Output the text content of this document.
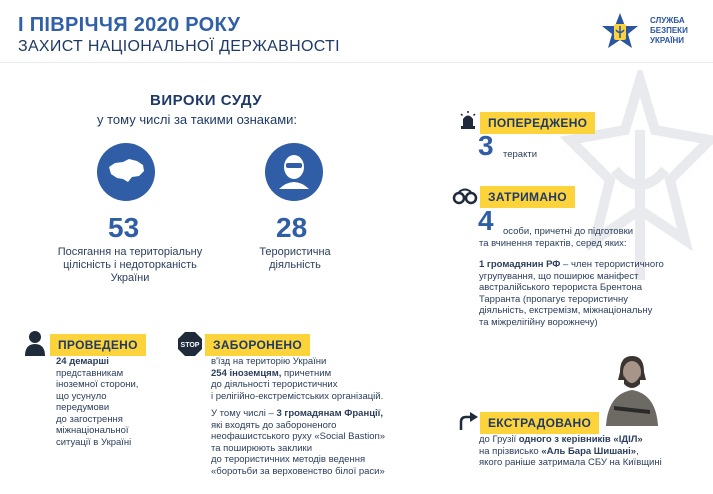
І ПІВРІЧЧЯ 2020 РОКУ
ЗАХИСТ НАЦІОНАЛЬНОЇ ДЕРЖАВНОСТІ
СЛУЖБА
БЕЗПЕКИ
УКРАЇНИ
ВИРОКИ СУДУ
у тому числі за такими ознаками:
53
Посягання на територіальну
цілісність і недоторканість
України
28
Терористична
діяльність
ПОПЕРЕДЖЕНО
3 теракти
ЗАТРИМАНО
4 особи, причетні до підготовки
та вчинення терактів, серед яких:
1 громадянин РФ – член терористичного
угрупування, що поширює маніфест
австралійського терориста Брентона
Тарранта (пропагує терористичну
діяльність, екстремізм, міжнаціональну
та міжрелігійну ворожнечу)
ПРОВЕДЕНО
24 демарші
представникам
іноземної сторони,
що усунуло
передумови
до загострення
міжнаціональної
ситуації в Україні
STOP	ЗАБОРОНЕНО
в'їзд на територію України
254 іноземцям, причетним
до діяльності терористичних
і релігійно-екстремістських організацій.
У тому числі – 3 громадянам Франції,
які входять до забороненого
неофашистського руху «Social Bastion»
та поширюють заклики
до терористичних методів ведення
«боротьби за верховенство білої раси»
ЕКСТРАДОВАНО
до Грузії одного з керівників «ІДІЛ»
на прізвисько «Аль Бара Шишані»,
якого раніше затримала СБУ на Київщині
